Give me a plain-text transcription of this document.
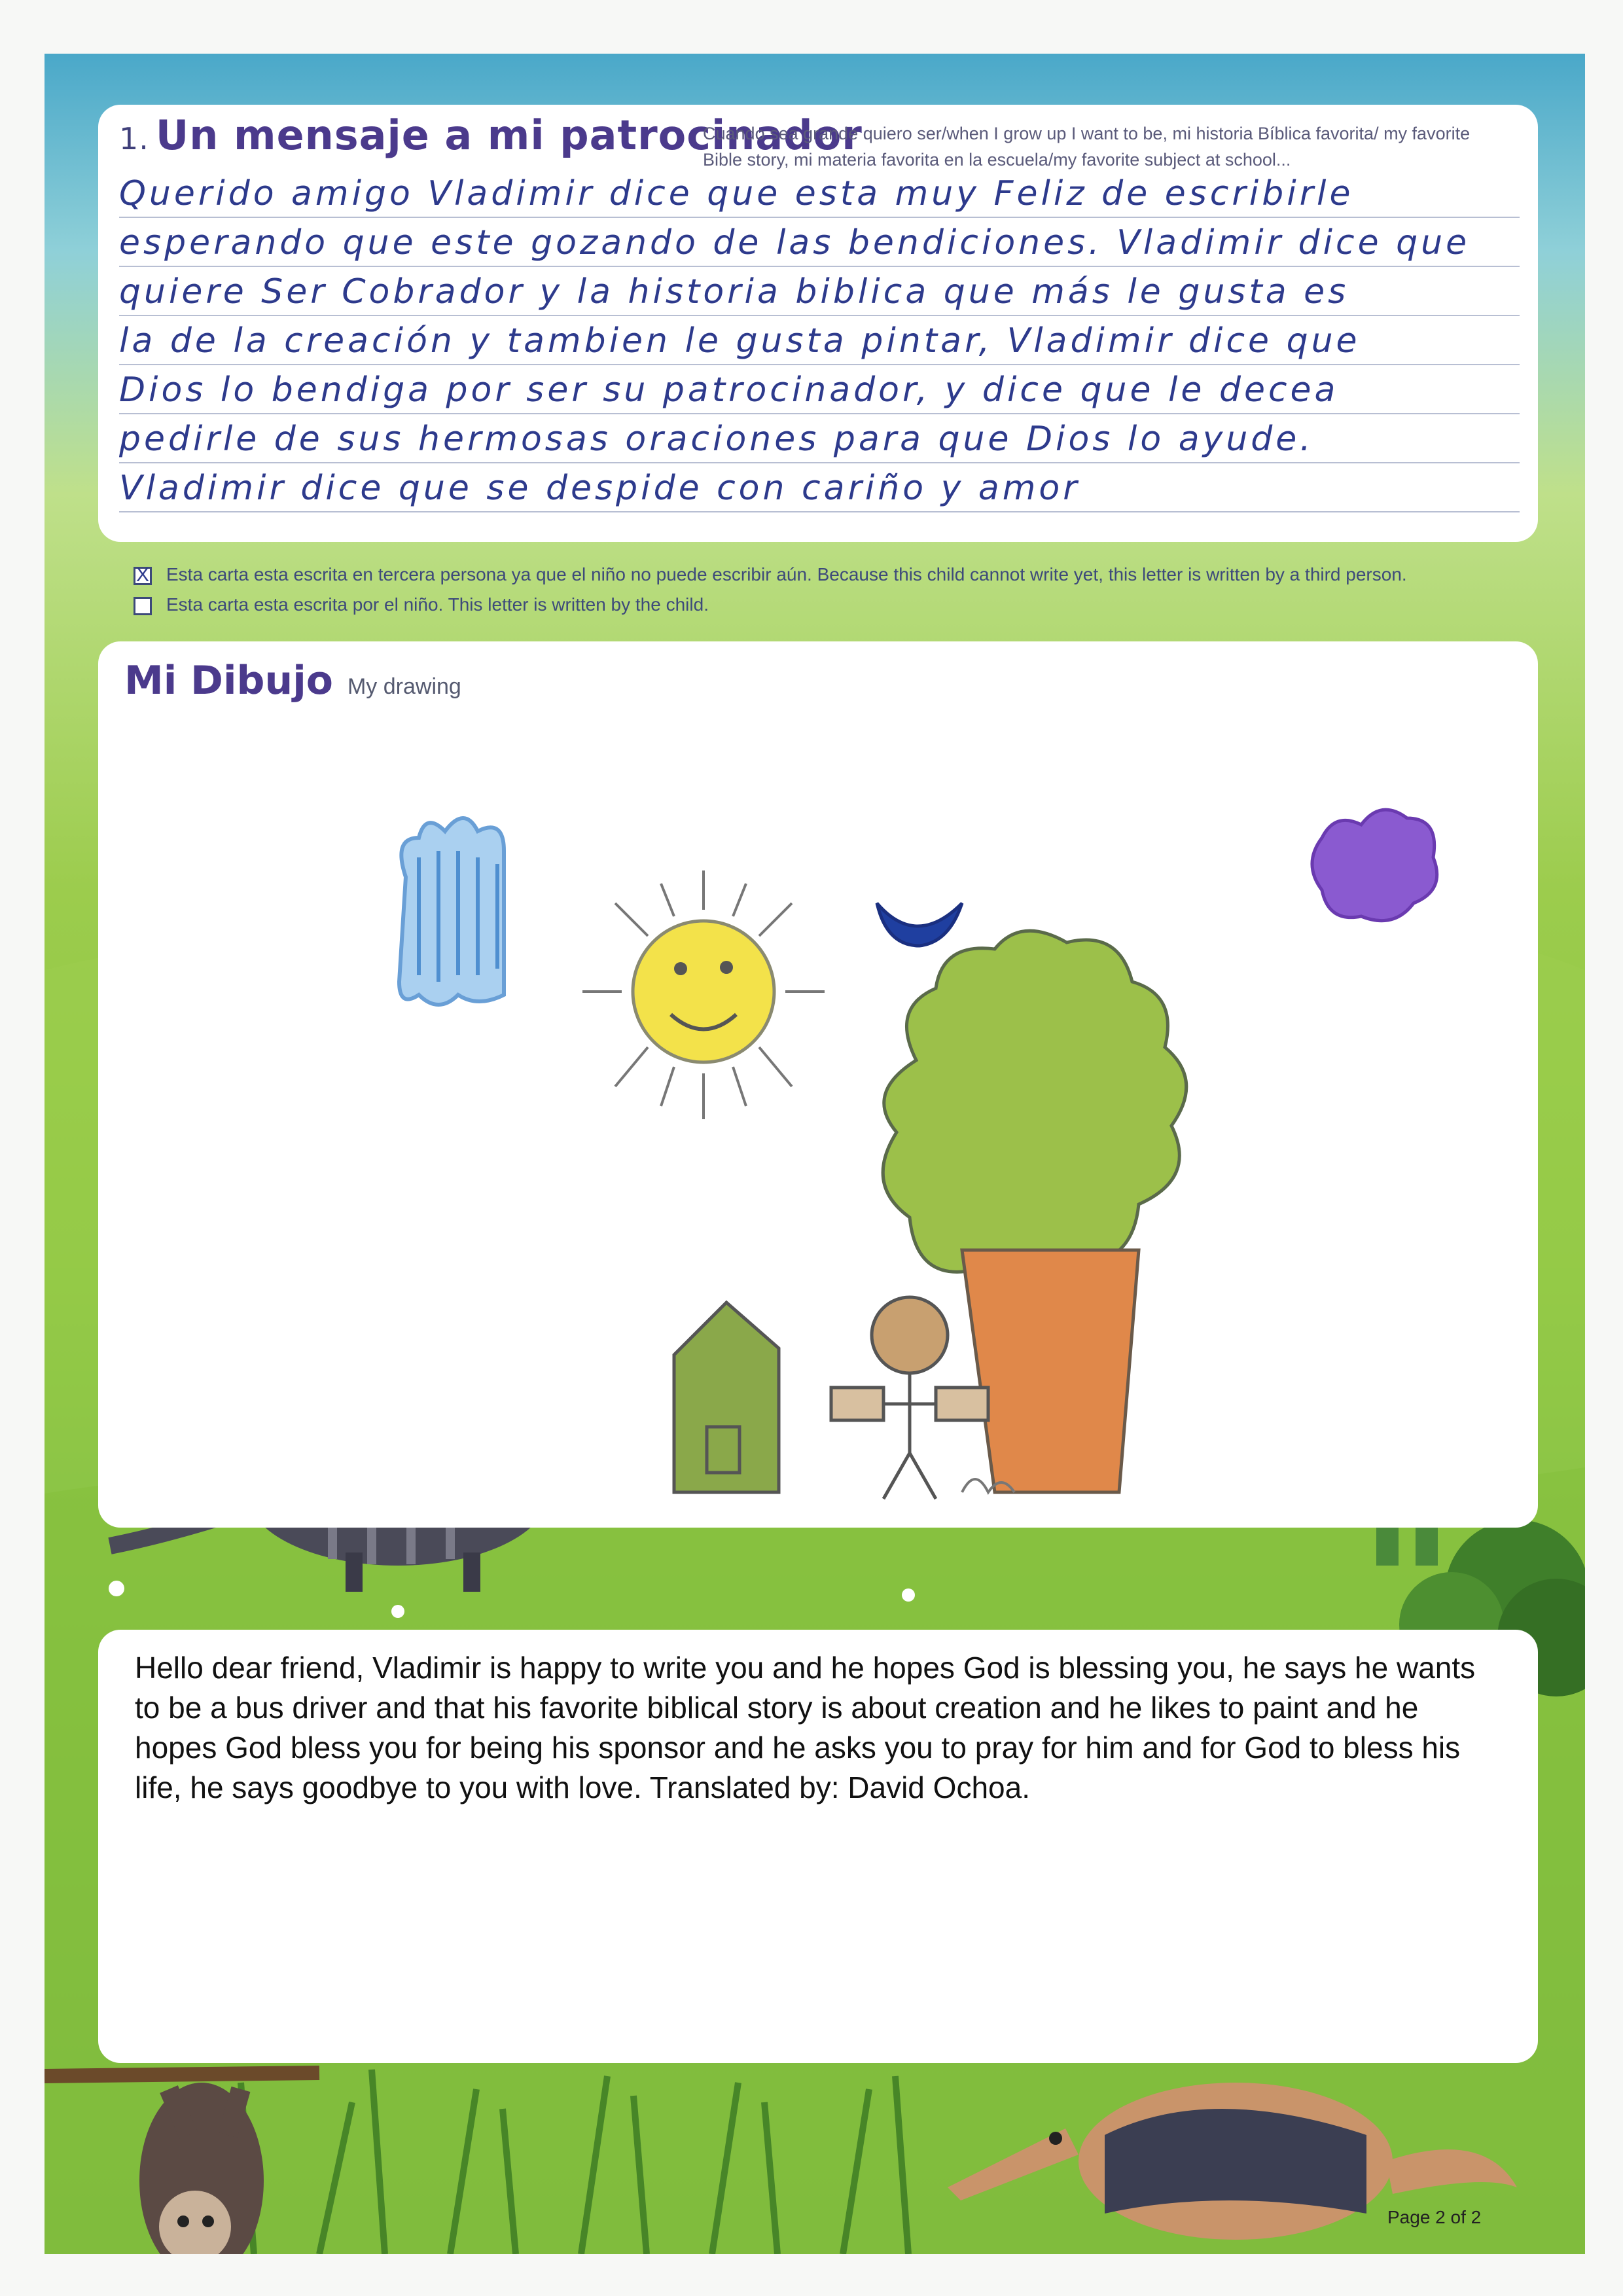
1. Un mensaje a mi patrocinador
Cuando sea grande quiero ser/when I grow up I want to be, mi historia Bíblica favorita/ my favorite Bible story, mi materia favorita en la escuela/my favorite subject at school...
Querido amigo Vladimir dice que esta muy Feliz de escribirle
esperando que este gozando de las bendiciones. Vladimir dice que
quiere Ser Cobrador y la historia biblica que más le gusta es
la de la creación y tambien le gusta pintar, Vladimir dice que
Dios lo bendiga por ser su patrocinador, y dice que le decea
pedirle de sus hermosas oraciones para que Dios lo ayude.
Vladimir dice que se despide con cariño y amor
X Esta carta esta escrita en tercera persona ya que el niño no puede escribir aún. Because this child cannot write yet, this letter is written by a third person.
Esta carta esta escrita por el niño. This letter is written by the child.
Mi Dibujo My drawing
Hello dear friend, Vladimir is happy to write you and he hopes God is blessing you, he says he wants to be a bus driver and that his favorite biblical story is about creation and he likes to paint and he hopes God bless you for being his sponsor and he asks you to pray for him and for God to bless his life, he says goodbye to you with love. Translated by: David Ochoa.
Page 2 of 2
